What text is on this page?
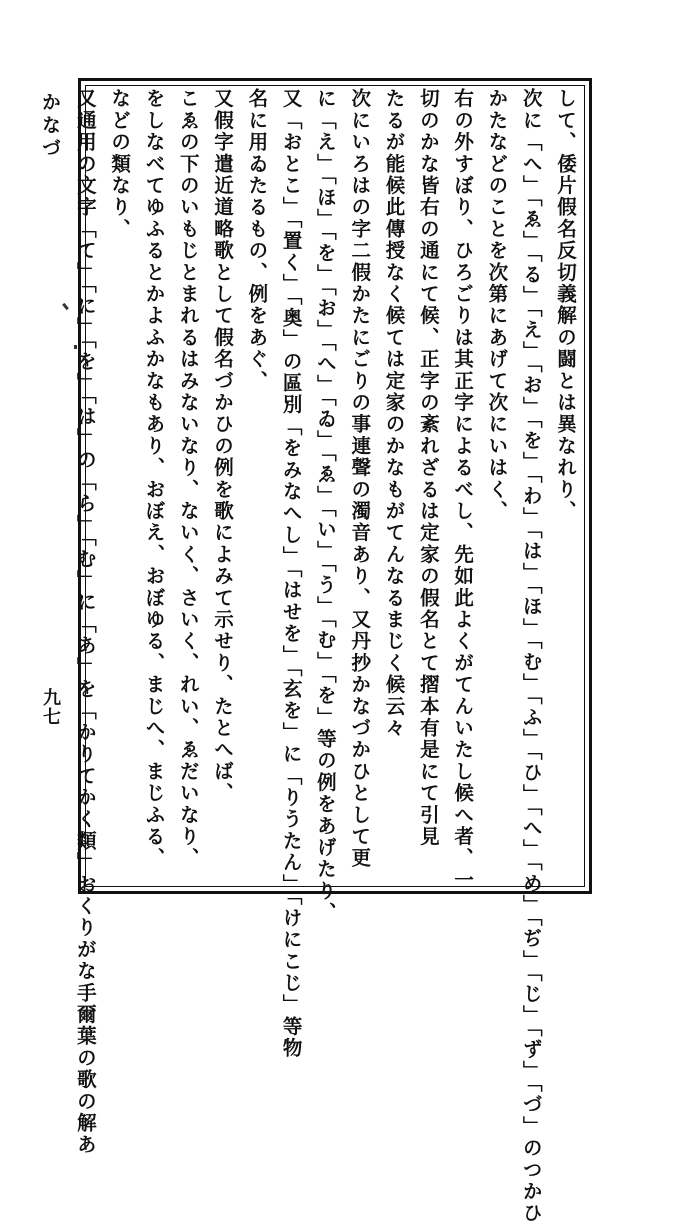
かなづ
九七

して、倭片假名反切義解の闘とは異なれり、

次に「へ」「ゑ」「る」「え」「お」「を」「わ」「は」「ほ」「む」「ふ」「ひ」「へ」「め」「ぢ」「じ」「ず」「づ」のつかひ

かたなどのことを次第にあげて次にいはく、

右の外すぼり、ひろごりは其正字によるべし、先如此よくがてんいたし候へ者、一

切のかな皆右の通にて候、正字の紊れざるは定家の假名とて摺本有是にて引見

たるが能候此傳授なく候ては定家のかなもがてんなるまじく候云々

次にいろはの字二假かたにごりの事連聲の濁音あり、又丹抄かなづかひとして更

に「え」「ほ」「を」「お」「へ」「ゐ」「ゑ」「い」「う」「む」「を」等の例をあげたり、

又「おとこ」「置く」「奥」の區別「をみなへし」「はせを」「玄を」に「りうたん」「けにこじ」等物

名に用ゐたるもの、例をあぐ、

又假字遣近道略歌として假名づかひの例を歌によみて示せり、たとへば、

こゑの下のいもじとまれるはみないなり、ないく、さいく、れい、ゑだいなり、

をしなべてゆふるとかよふかなもあり、おぼえ、おぼゆる、まじへ、まじふる、

などの類なり、

又通用の文字「て」「に」「を」「は」の「ら」「む」に「あ」を「かりてかく類」おくりがな手爾葉の歌の解あ
